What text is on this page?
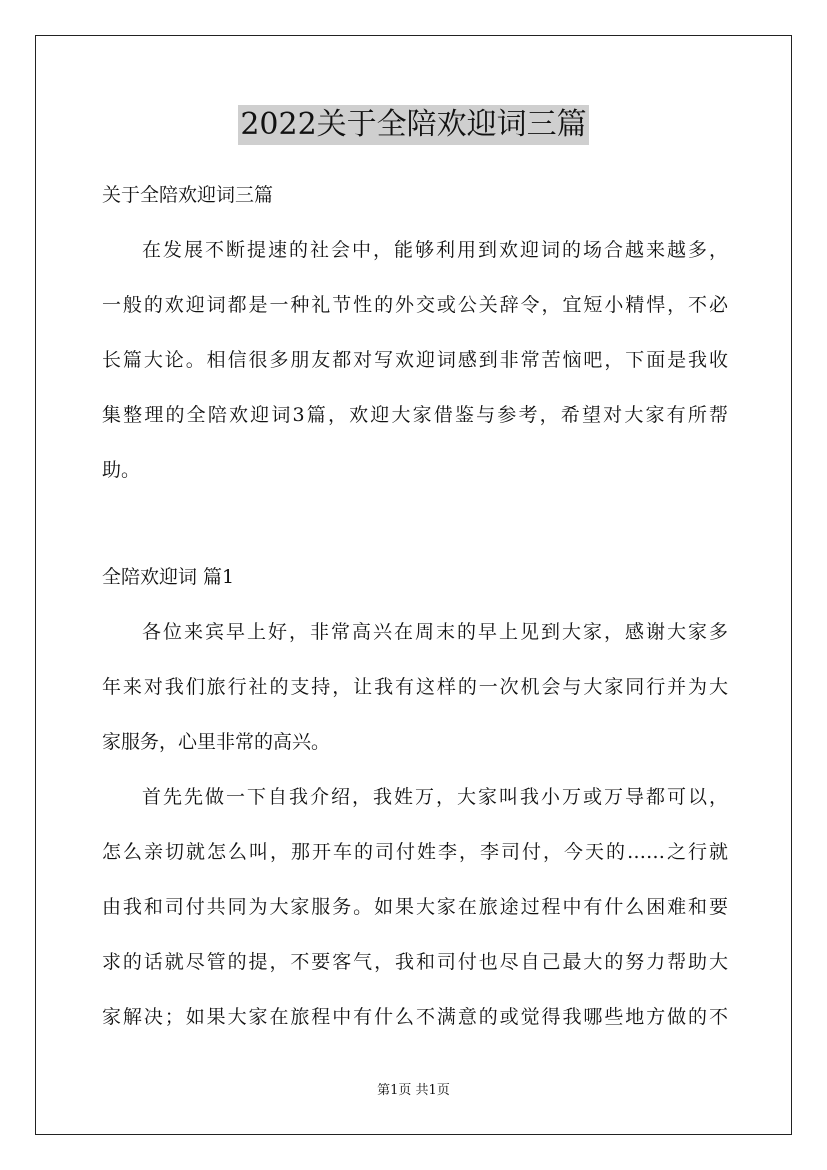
2022关于全陪欢迎词三篇

关于全陪欢迎词三篇

在发展不断提速的社会中，能够利用到欢迎词的场合越来越多，

一般的欢迎词都是一种礼节性的外交或公关辞令，宜短小精悍，不必

长篇大论。相信很多朋友都对写欢迎词感到非常苦恼吧，下面是我收

集整理的全陪欢迎词3篇，欢迎大家借鉴与参考，希望对大家有所帮

助。

全陪欢迎词 篇1

各位来宾早上好，非常高兴在周末的早上见到大家，感谢大家多

年来对我们旅行社的支持，让我有这样的一次机会与大家同行并为大

家服务，心里非常的高兴。

首先先做一下自我介绍，我姓万，大家叫我小万或万导都可以，

怎么亲切就怎么叫，那开车的司付姓李，李司付，今天的……之行就

由我和司付共同为大家服务。如果大家在旅途过程中有什么困难和要

求的话就尽管的提，不要客气，我和司付也尽自己最大的努力帮助大

家解决；如果大家在旅程中有什么不满意的或觉得我哪些地方做的不

第1页 共1页
